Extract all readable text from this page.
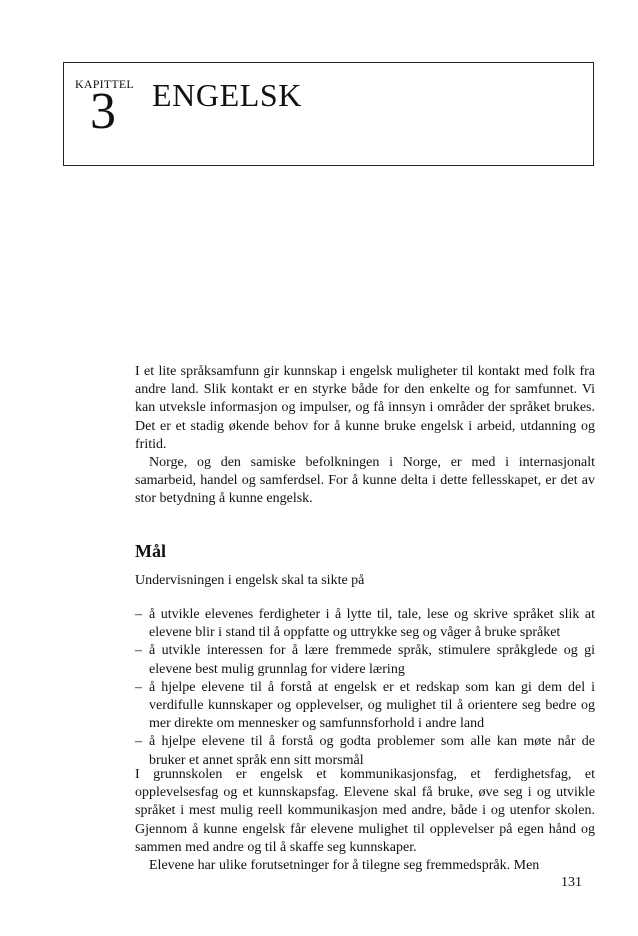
KAPITTEL
3 ENGELSK

I et lite språksamfunn gir kunnskap i engelsk muligheter til kontakt med folk fra andre land. Slik kontakt er en styrke både for den enkelte og for samfunnet. Vi kan utveksle informasjon og impulser, og få innsyn i områder der språket brukes. Det er et stadig økende behov for å kunne bruke engelsk i arbeid, utdanning og fritid.

Norge, og den samiske befolkningen i Norge, er med i internasjonalt samarbeid, handel og samferdsel. For å kunne delta i dette fellesskapet, er det av stor betydning å kunne engelsk.

Mål

Undervisningen i engelsk skal ta sikte på

– å utvikle elevenes ferdigheter i å lytte til, tale, lese og skrive språket slik at elevene blir i stand til å oppfatte og uttrykke seg og våger å bruke språket
– å utvikle interessen for å lære fremmede språk, stimulere språkglede og gi elevene best mulig grunnlag for videre læring
– å hjelpe elevene til å forstå at engelsk er et redskap som kan gi dem del i verdifulle kunnskaper og opplevelser, og mulighet til å orientere seg bedre og mer direkte om mennesker og samfunnsforhold i andre land
– å hjelpe elevene til å forstå og godta problemer som alle kan møte når de bruker et annet språk enn sitt morsmål

I grunnskolen er engelsk et kommunikasjonsfag, et ferdighetsfag, et opplevelsesfag og et kunnskapsfag. Elevene skal få bruke, øve seg i og utvikle språket i mest mulig reell kommunikasjon med andre, både i og utenfor skolen. Gjennom å kunne engelsk får elevene mulighet til opplevelser på egen hånd og sammen med andre og til å skaffe seg kunnskaper.

Elevene har ulike forutsetninger for å tilegne seg fremmedspråk. Men

131
